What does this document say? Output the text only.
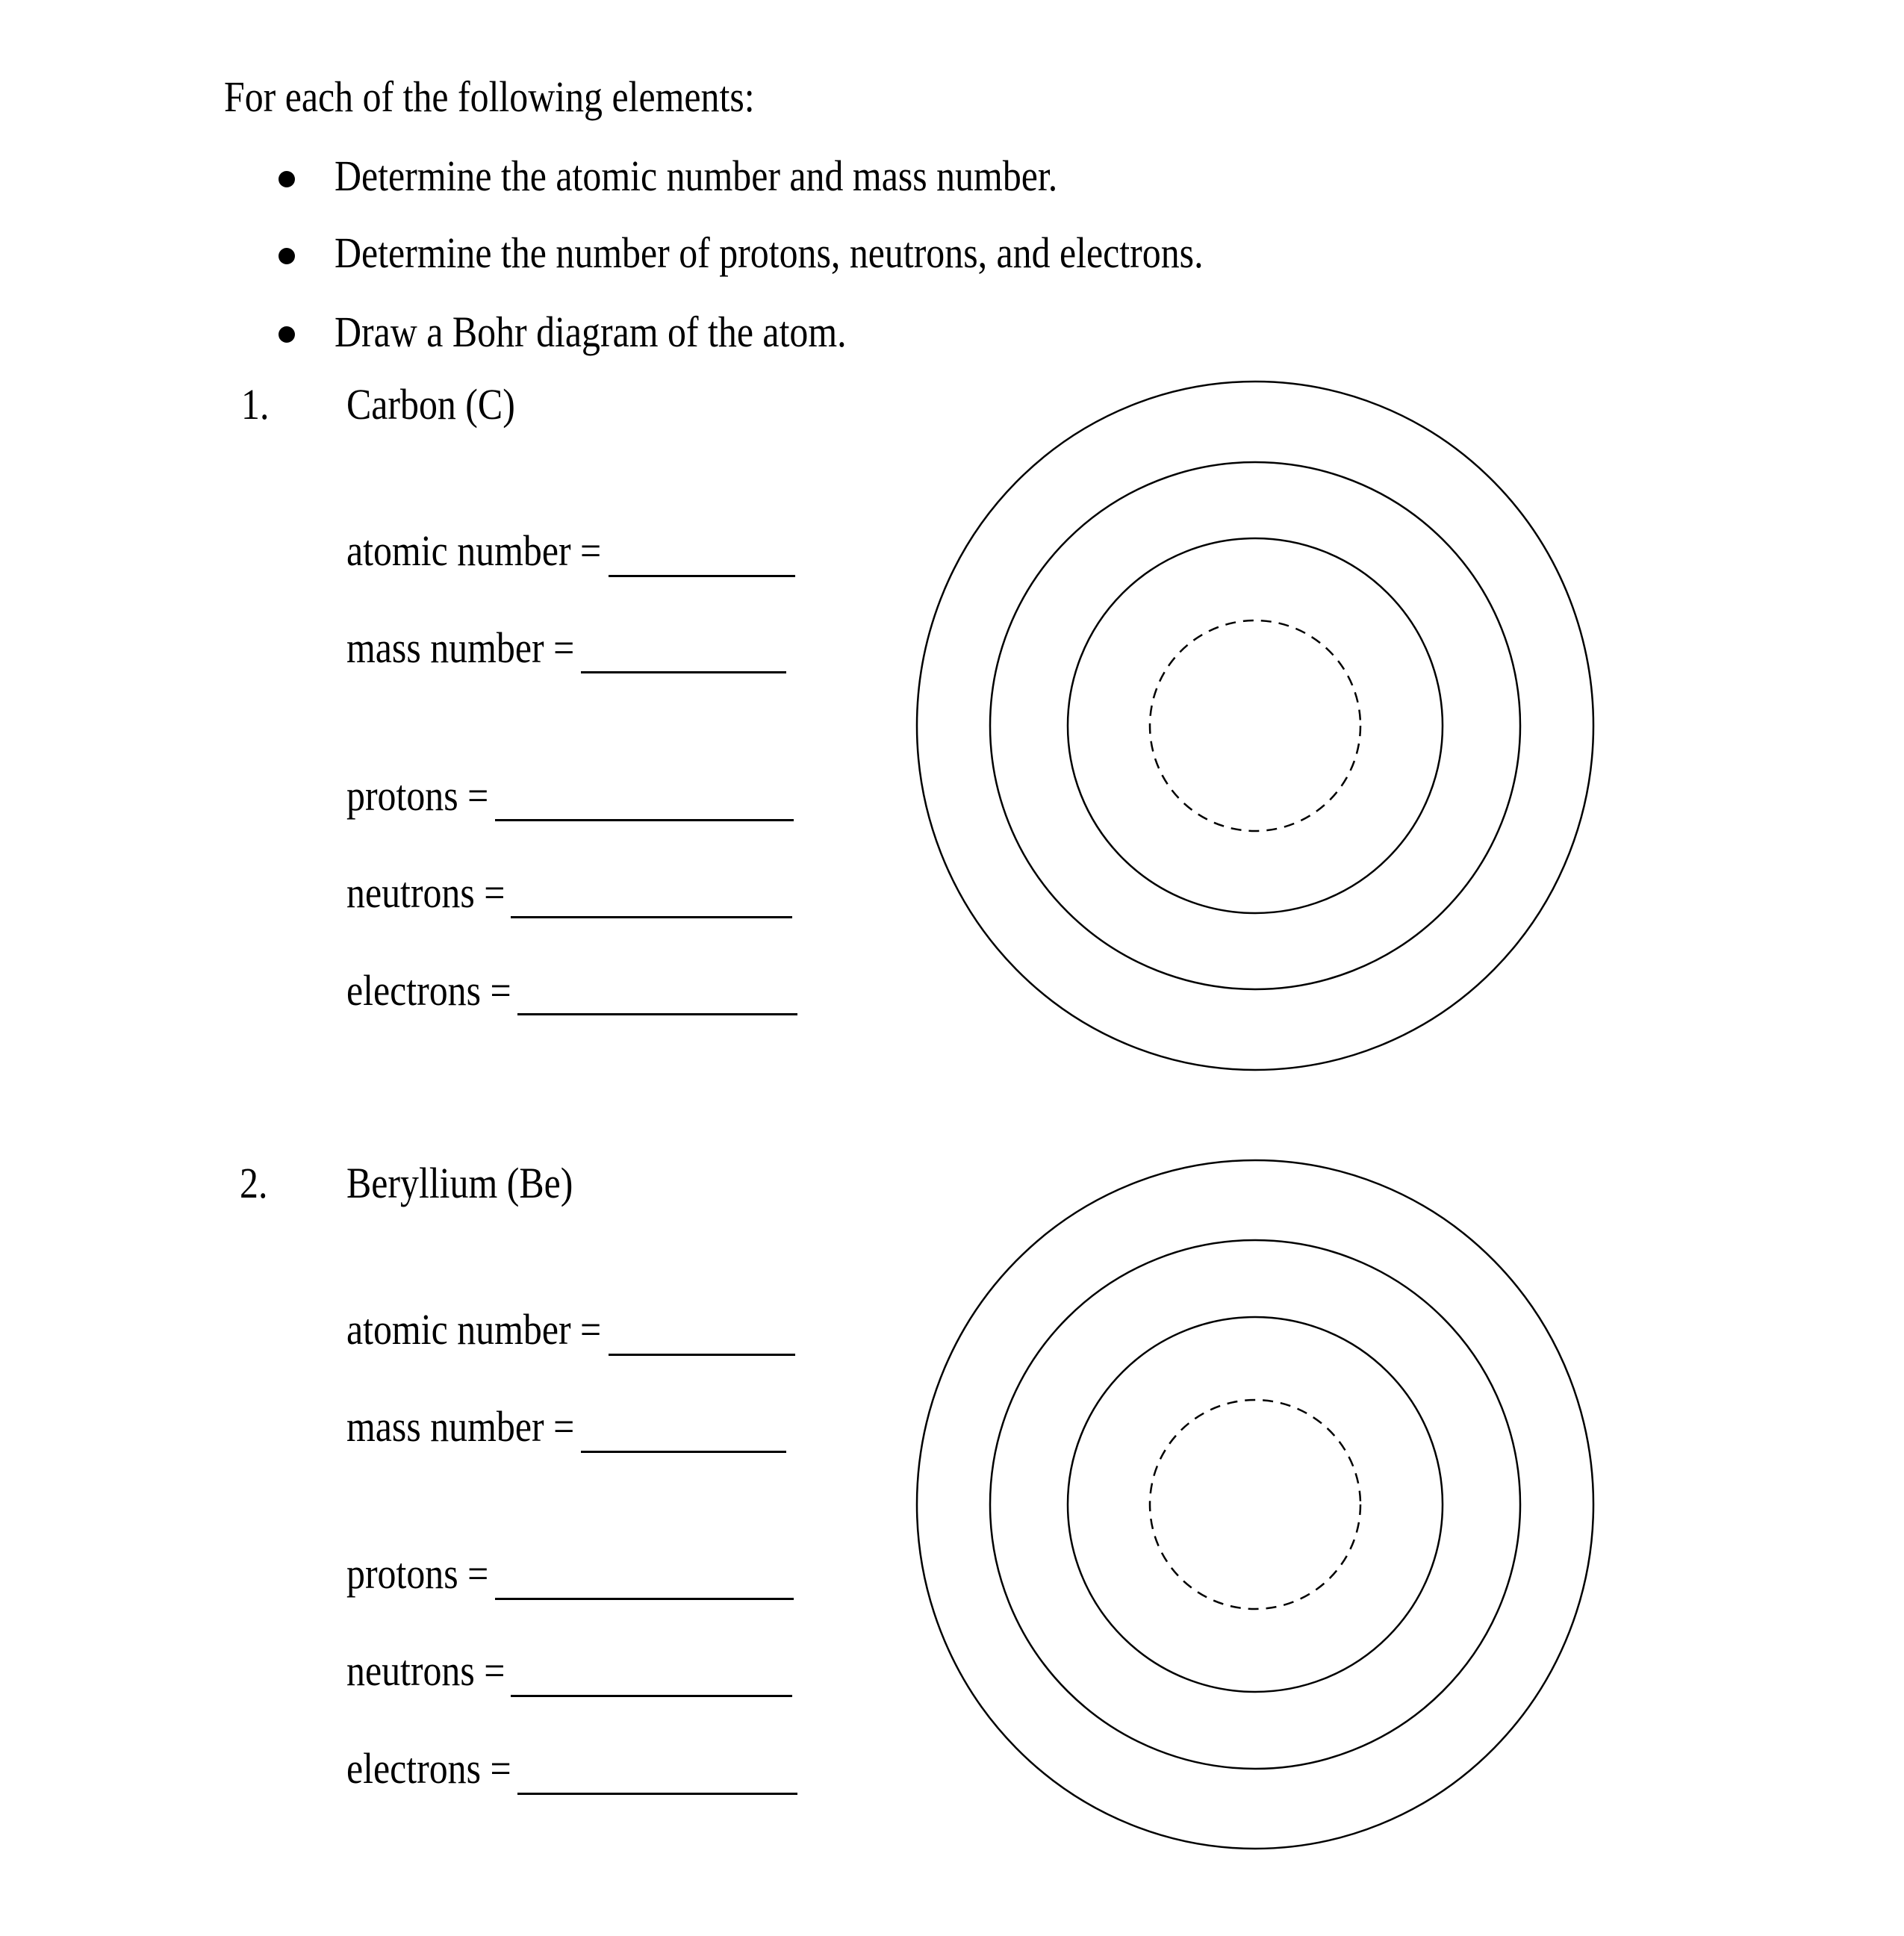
For each of the following elements:
Determine the atomic number and mass number.
Determine the number of protons, neutrons, and electrons.
Draw a Bohr diagram of the atom.
1. Carbon (C)
atomic number =
mass number =
protons =
neutrons =
electrons =
2. Beryllium (Be)
atomic number =
mass number =
protons =
neutrons =
electrons =
